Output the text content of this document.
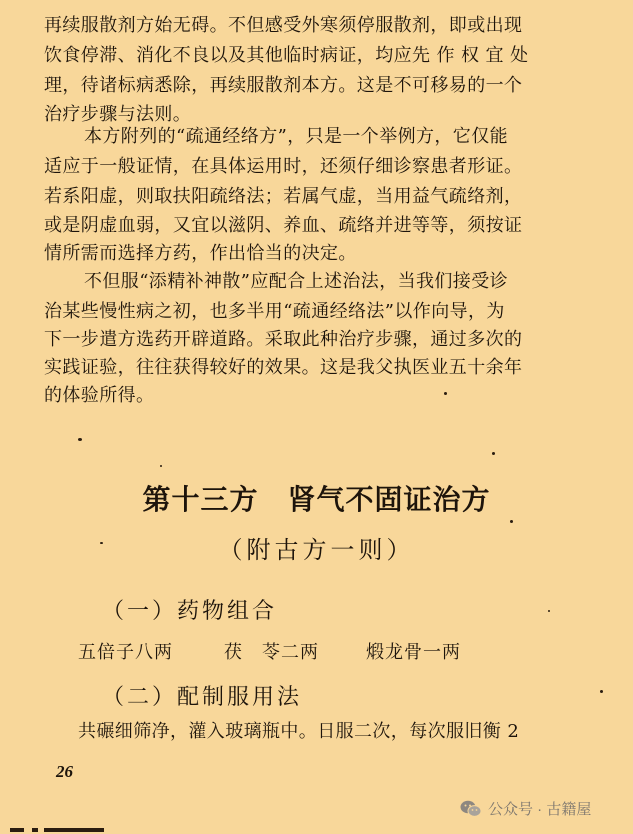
再续服散剂方始无碍。不但感受外寒须停服散剂，即或出现
饮食停滞、消化不良以及其他临时病证，均应先 作 权 宜 处
理，待诸标病悉除，再续服散剂本方。这是不可移易的一个
治疗步骤与法则。
本方附列的“疏通经络方”，只是一个举例方，它仅能
适应于一般证情，在具体运用时，还须仔细诊察患者形证。
若系阳虚，则取扶阳疏络法；若属气虚，当用益气疏络剂，
或是阴虚血弱，又宜以滋阴、养血、疏络并进等等，须按证
情所需而选择方药，作出恰当的决定。
不但服“添精补神散”应配合上述治法，当我们接受诊
治某些慢性病之初，也多半用“疏通经络法”以作向导，为
下一步遣方选药开辟道路。采取此种治疗步骤，通过多次的
实践证验，往往获得较好的效果。这是我父执医业五十余年
的体验所得。
第十三方　肾气不固证治方
（附古方一则）
（一）药物组合
五倍子八两	茯　苓二两	煅龙骨一两
（二）配制服用法
共碾细筛净，灌入玻璃瓶中。日服二次，每次服旧衡 2
26
公众号 · 古籍屋
